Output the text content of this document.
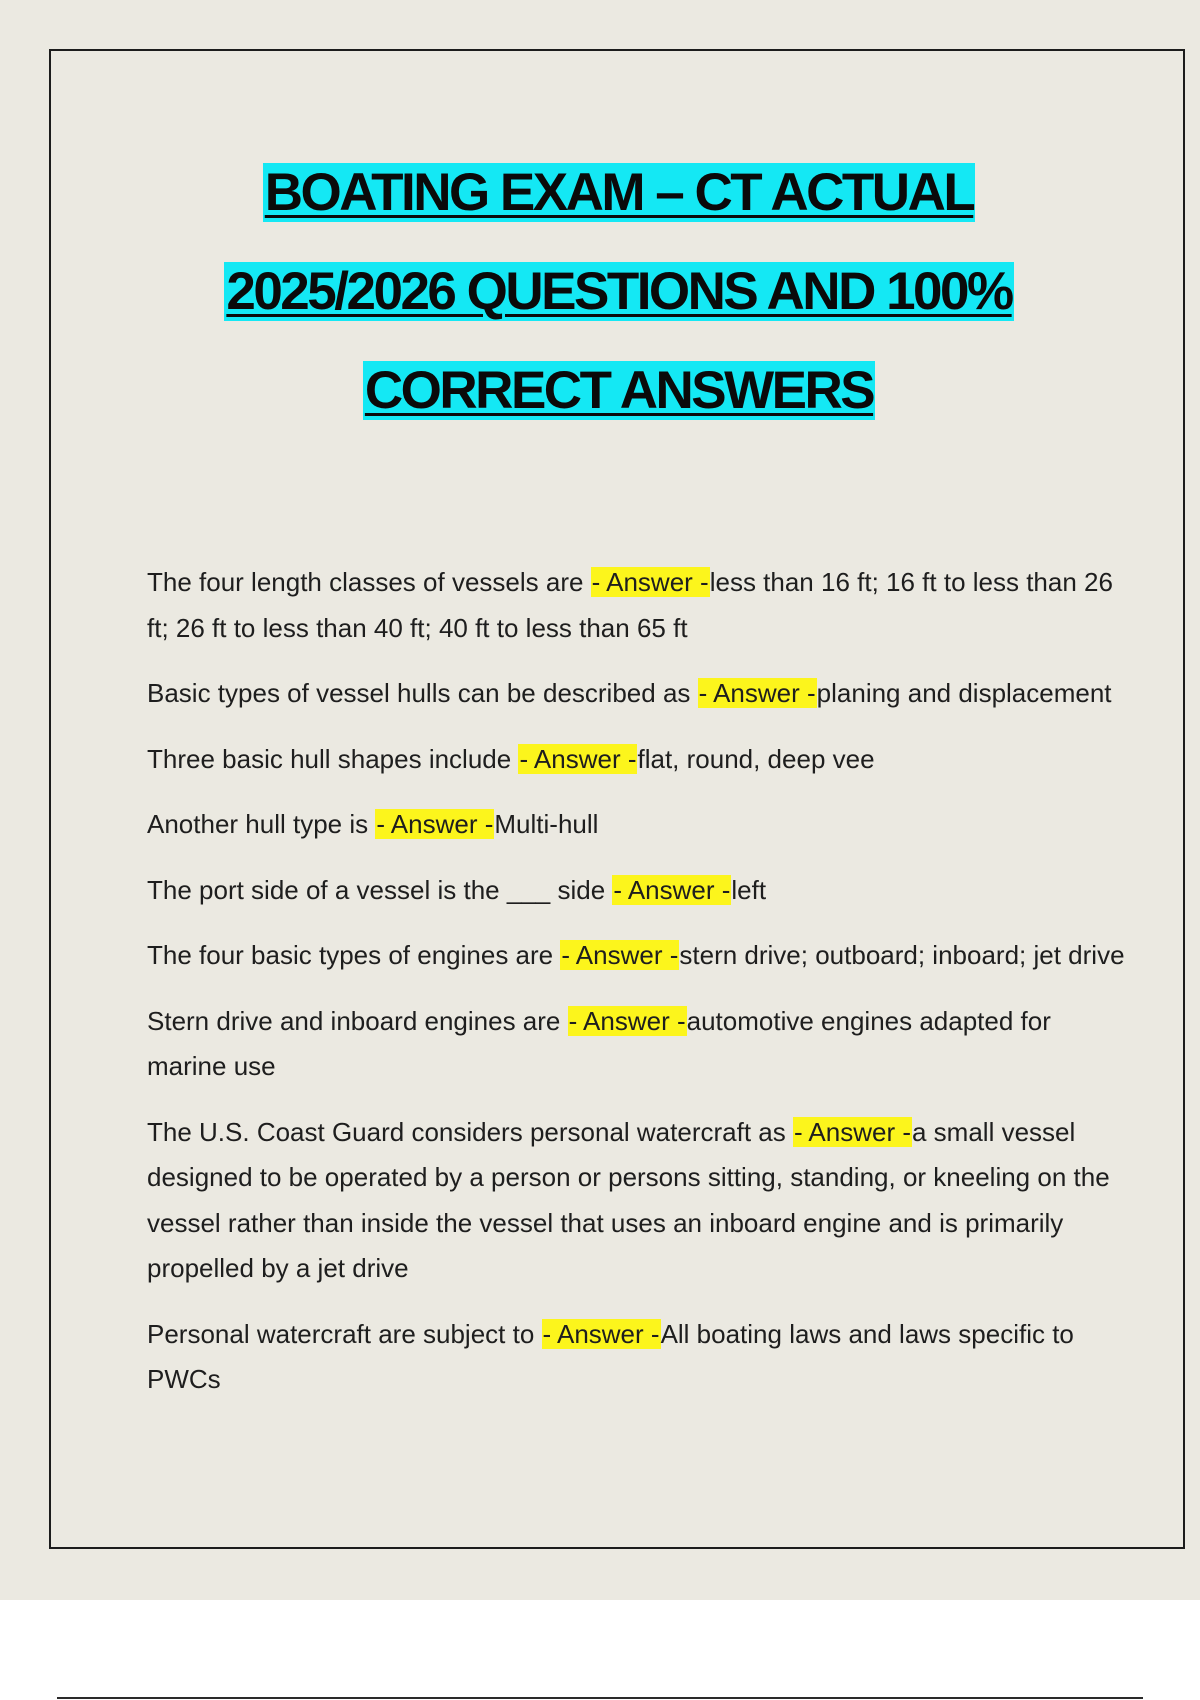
BOATING EXAM – CT ACTUAL
2025/2026 QUESTIONS AND 100%
CORRECT ANSWERS
The four length classes of vessels are - Answer -less than 16 ft; 16 ft to less than 26 ft; 26 ft to less than 40 ft; 40 ft to less than 65 ft
Basic types of vessel hulls can be described as - Answer -planing and displacement
Three basic hull shapes include - Answer -flat, round, deep vee
Another hull type is - Answer -Multi-hull
The port side of a vessel is the ___ side - Answer -left
The four basic types of engines are - Answer -stern drive; outboard; inboard; jet drive
Stern drive and inboard engines are - Answer -automotive engines adapted for marine use
The U.S. Coast Guard considers personal watercraft as - Answer -a small vessel designed to be operated by a person or persons sitting, standing, or kneeling on the vessel rather than inside the vessel that uses an inboard engine and is primarily propelled by a jet drive
Personal watercraft are subject to - Answer -All boating laws and laws specific to PWCs
